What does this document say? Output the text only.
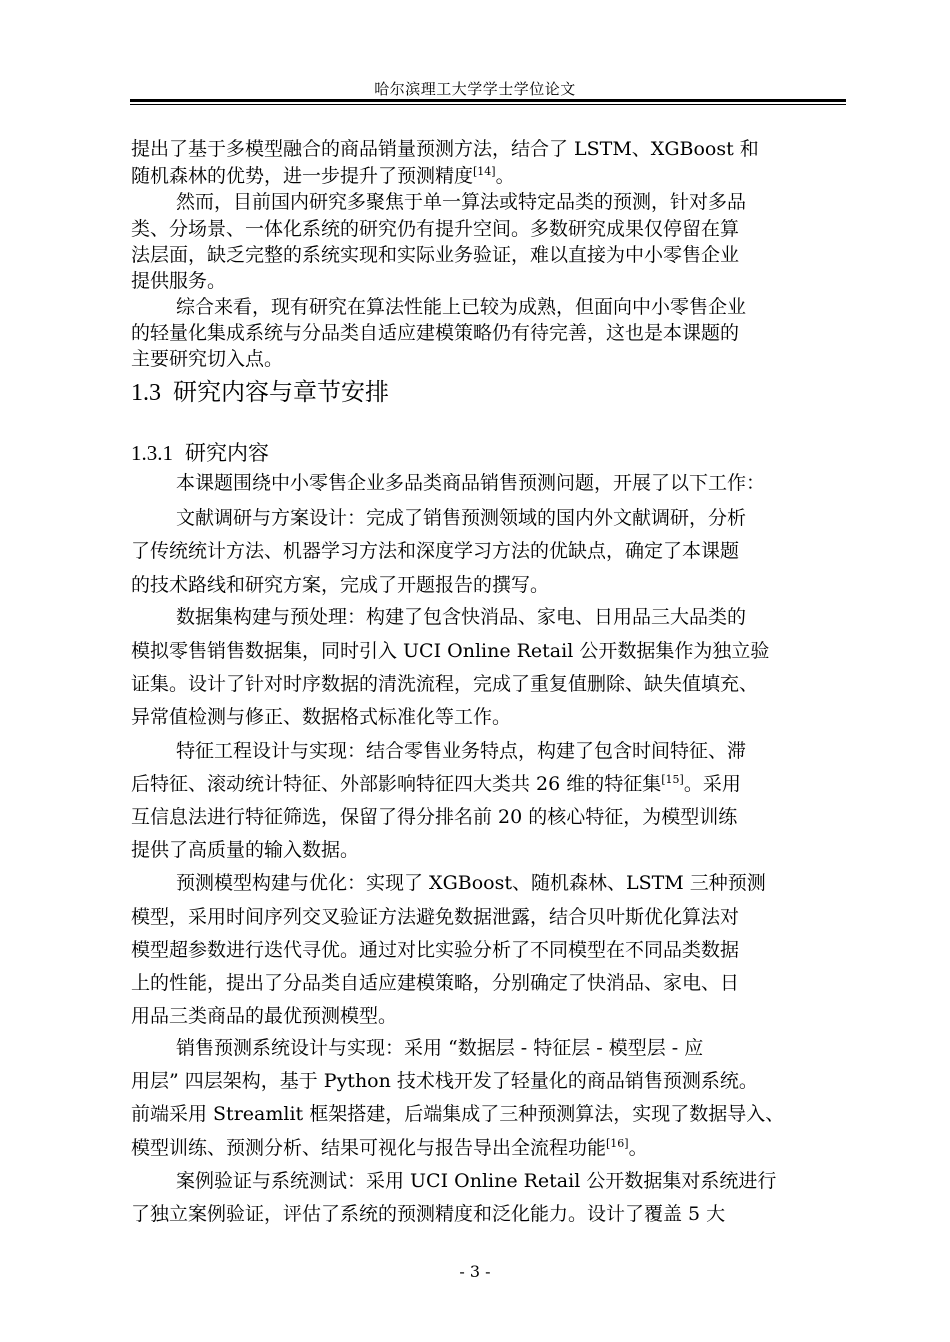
哈尔滨理工大学学士学位论文
提出了基于多模型融合的商品销量预测方法，结合了 LSTM、XGBoost 和
随机森林的优势，进一步提升了预测精度[14]。
然而，目前国内研究多聚焦于单一算法或特定品类的预测，针对多品
类、分场景、一体化系统的研究仍有提升空间。多数研究成果仅停留在算
法层面，缺乏完整的系统实现和实际业务验证，难以直接为中小零售企业
提供服务。
综合来看，现有研究在算法性能上已较为成熟，但面向中小零售企业
的轻量化集成系统与分品类自适应建模策略仍有待完善，这也是本课题的
主要研究切入点。
1.3 研究内容与章节安排
1.3.1 研究内容
本课题围绕中小零售企业多品类商品销售预测问题，开展了以下工作：
文献调研与方案设计：完成了销售预测领域的国内外文献调研，分析
了传统统计方法、机器学习方法和深度学习方法的优缺点，确定了本课题
的技术路线和研究方案，完成了开题报告的撰写。
数据集构建与预处理：构建了包含快消品、家电、日用品三大品类的
模拟零售销售数据集，同时引入 UCI Online Retail 公开数据集作为独立验
证集。设计了针对时序数据的清洗流程，完成了重复值删除、缺失值填充、
异常值检测与修正、数据格式标准化等工作。
特征工程设计与实现：结合零售业务特点，构建了包含时间特征、滞
后特征、滚动统计特征、外部影响特征四大类共 26 维的特征集[15]。采用
互信息法进行特征筛选，保留了得分排名前 20 的核心特征，为模型训练
提供了高质量的输入数据。
预测模型构建与优化：实现了 XGBoost、随机森林、LSTM 三种预测
模型，采用时间序列交叉验证方法避免数据泄露，结合贝叶斯优化算法对
模型超参数进行迭代寻优。通过对比实验分析了不同模型在不同品类数据
上的性能，提出了分品类自适应建模策略，分别确定了快消品、家电、日
用品三类商品的最优预测模型。
销售预测系统设计与实现：采用 “数据层 - 特征层 - 模型层 - 应
用层” 四层架构，基于 Python 技术栈开发了轻量化的商品销售预测系统。
前端采用 Streamlit 框架搭建，后端集成了三种预测算法，实现了数据导入、
模型训练、预测分析、结果可视化与报告导出全流程功能[16]。
案例验证与系统测试：采用 UCI Online Retail 公开数据集对系统进行
了独立案例验证，评估了系统的预测精度和泛化能力。设计了覆盖 5 大
- 3 -
